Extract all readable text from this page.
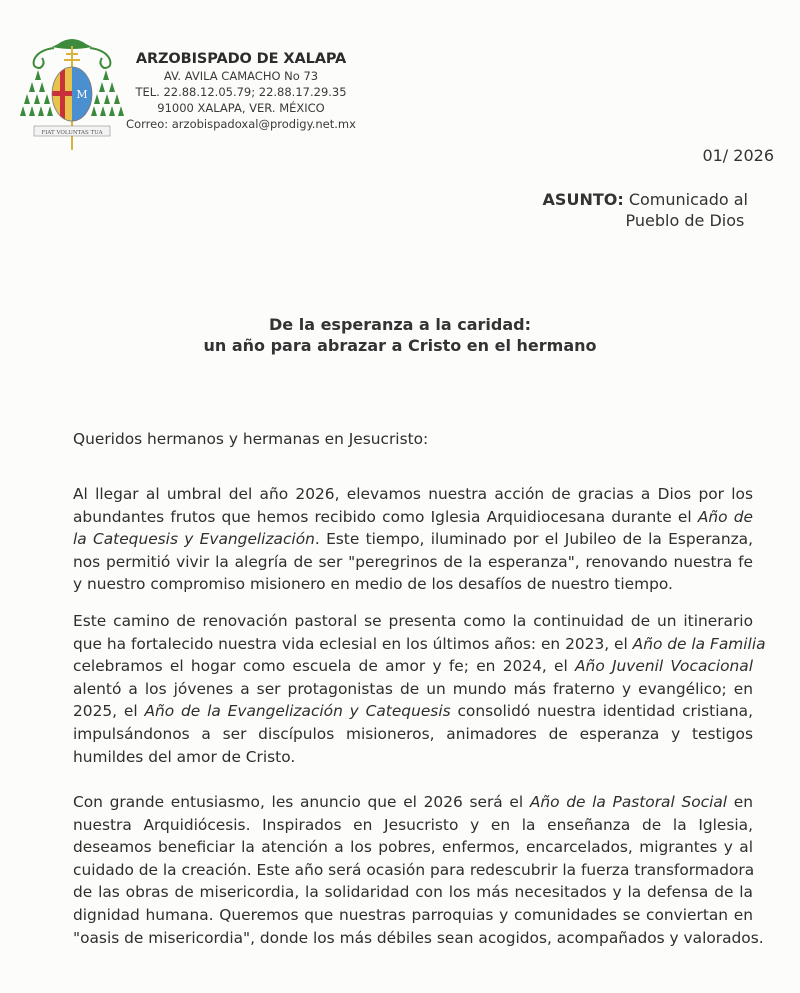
M
FIAT VOLUNTAS TUA
ARZOBISPADO DE XALAPA
AV. AVILA CAMACHO No 73
TEL. 22.88.12.05.79; 22.88.17.29.35
91000 XALAPA, VER. MÉXICO
Correo: arzobispadoxal@prodigy.net.mx
01/ 2026
ASUNTO: Comunicado al
Pueblo de Dios
De la esperanza a la caridad:
un año para abrazar a Cristo en el hermano
Queridos hermanos y hermanas en Jesucristo:
Al llegar al umbral del año 2026, elevamos nuestra acción de gracias a Dios por los
abundantes frutos que hemos recibido como Iglesia Arquidiocesana durante el Año de
la Catequesis y Evangelización. Este tiempo, iluminado por el Jubileo de la Esperanza,
nos permitió vivir la alegría de ser "peregrinos de la esperanza", renovando nuestra fe
y nuestro compromiso misionero en medio de los desafíos de nuestro tiempo.
Este camino de renovación pastoral se presenta como la continuidad de un itinerario
que ha fortalecido nuestra vida eclesial en los últimos años: en 2023, el Año de la Familia
celebramos el hogar como escuela de amor y fe; en 2024, el Año Juvenil Vocacional
alentó a los jóvenes a ser protagonistas de un mundo más fraterno y evangélico; en
2025, el Año de la Evangelización y Catequesis consolidó nuestra identidad cristiana,
impulsándonos a ser discípulos misioneros, animadores de esperanza y testigos
humildes del amor de Cristo.
Con grande entusiasmo, les anuncio que el 2026 será el Año de la Pastoral Social en
nuestra Arquidiócesis. Inspirados en Jesucristo y en la enseñanza de la Iglesia,
deseamos beneficiar la atención a los pobres, enfermos, encarcelados, migrantes y al
cuidado de la creación. Este año será ocasión para redescubrir la fuerza transformadora
de las obras de misericordia, la solidaridad con los más necesitados y la defensa de la
dignidad humana. Queremos que nuestras parroquias y comunidades se conviertan en
"oasis de misericordia", donde los más débiles sean acogidos, acompañados y valorados.
